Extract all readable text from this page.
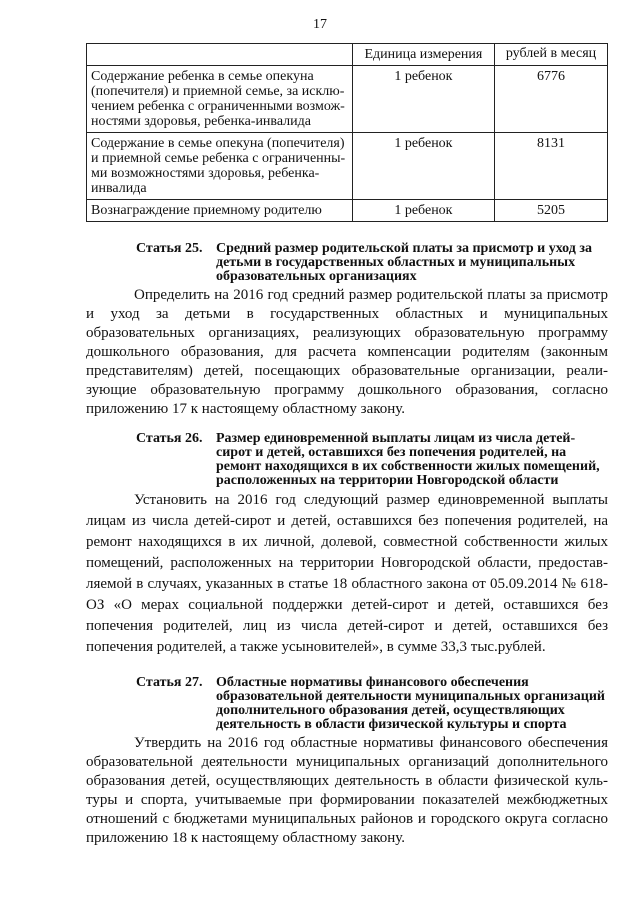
17
	Единица измерения	рублей в месяц
Содержание ребенка в семье опекуна (попечителя) и приемной семье, за исклю-чением ребенка с ограниченными возмож-ностями здоровья, ребенка-инвалида	1 ребенок	6776
Содержание в семье опекуна (попечителя) и приемной семье ребенка с ограниченны-ми возможностями здоровья, ребенка-инвалида	1 ребенок	8131
Вознаграждение приемному родителю	1 ребенок	5205
Статья 25. Средний размер родительской платы за присмотр и уход за детьми в государственных областных и муниципальных образовательных организациях
Определить на 2016 год средний размер родительской платы за присмотр и уход за детьми в государственных областных и муниципальных образовательных организациях, реализующих образовательную программу дошкольного образования, для расчета компенсации родителям (законным представителям) детей, посещающих образовательные организации, реали-зующие образовательную программу дошкольного образования, согласно приложению 17 к настоящему областному закону.
Статья 26. Размер единовременной выплаты лицам из числа детей-сирот и детей, оставшихся без попечения родителей, на ремонт находящихся в их собственности жилых помещений, расположенных на территории Новгородской области
Установить на 2016 год следующий размер единовременной выплаты лицам из числа детей-сирот и детей, оставшихся без попечения родителей, на ремонт находящихся в их личной, долевой, совместной собственности жилых помещений, расположенных на территории Новгородской области, предостав-ляемой в случаях, указанных в статье 18 областного закона от 05.09.2014 № 618-ОЗ «О мерах социальной поддержки детей-сирот и детей, оставшихся без попечения родителей, лиц из числа детей-сирот и детей, оставшихся без попечения родителей, а также усыновителей», в сумме 33,3 тыс.рублей.
Статья 27. Областные нормативы финансового обеспечения образовательной деятельности муниципальных организаций дополнительного образования детей, осуществляющих деятельность в области физической культуры и спорта
Утвердить на 2016 год областные нормативы финансового обеспечения образовательной деятельности муниципальных организаций дополнительного образования детей, осуществляющих деятельность в области физической куль-туры и спорта, учитываемые при формировании показателей межбюджетных отношений с бюджетами муниципальных районов и городского округа согласно приложению 18 к настоящему областному закону.
